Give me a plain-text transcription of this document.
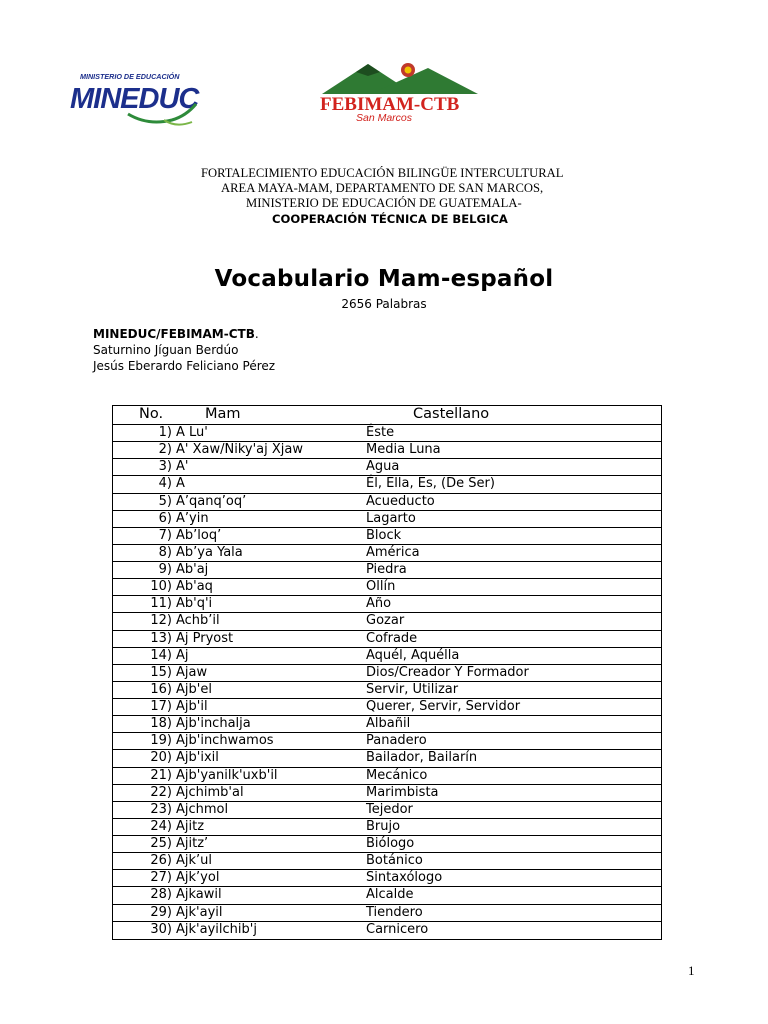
MINISTERIO DE EDUCACIÓN
MINEDUC	FEBIMAM-CTB
San Marcos
FORTALECIMIENTO EDUCACIÓN BILINGÜE INTERCULTURAL
AREA MAYA-MAM, DEPARTAMENTO DE SAN MARCOS,
MINISTERIO DE EDUCACIÓN DE GUATEMALA-
COOPERACIÓN TÉCNICA DE BELGICA
Vocabulario Mam-español
2656 Palabras
MINEDUC/FEBIMAM-CTB.
Saturnino Jíguan Berdúo
Jesús Eberardo Feliciano Pérez
No.	Mam	Castellano
1) A Lu'	Éste
2) A' Xaw/Niky'aj Xjaw	Media Luna
3) A'	Agua
4) A	Él, Ella, Es, (De Ser)
5) A’qanq’oq’	Acueducto
6) A’yin	Lagarto
7) Ab’loq’	Block
8) Ab’ya Yala	América
9) Ab'aj	Piedra
10) Ab'aq	Ollín
11) Ab'q'i	Año
12) Achb’il	Gozar
13) Aj Pryost	Cofrade
14) Aj	Aquél, Aquélla
15) Ajaw	Dios/Creador Y Formador
16) Ajb'el	Servir, Utilizar
17) Ajb'il	Querer, Servir, Servidor
18) Ajb'inchalja	Albañil
19) Ajb'inchwamos	Panadero
20) Ajb'ixil	Bailador, Bailarín
21) Ajb'yanilk'uxb'il	Mecánico
22) Ajchimb'al	Marimbista
23) Ajchmol	Tejedor
24) Ajitz	Brujo
25) Ajitz’	Biólogo
26) Ajk’ul	Botánico
27) Ajk’yol	Sintaxólogo
28) Ajkawil	Alcalde
29) Ajk'ayil	Tiendero
30) Ajk'ayilchib'j	Carnicero
1
